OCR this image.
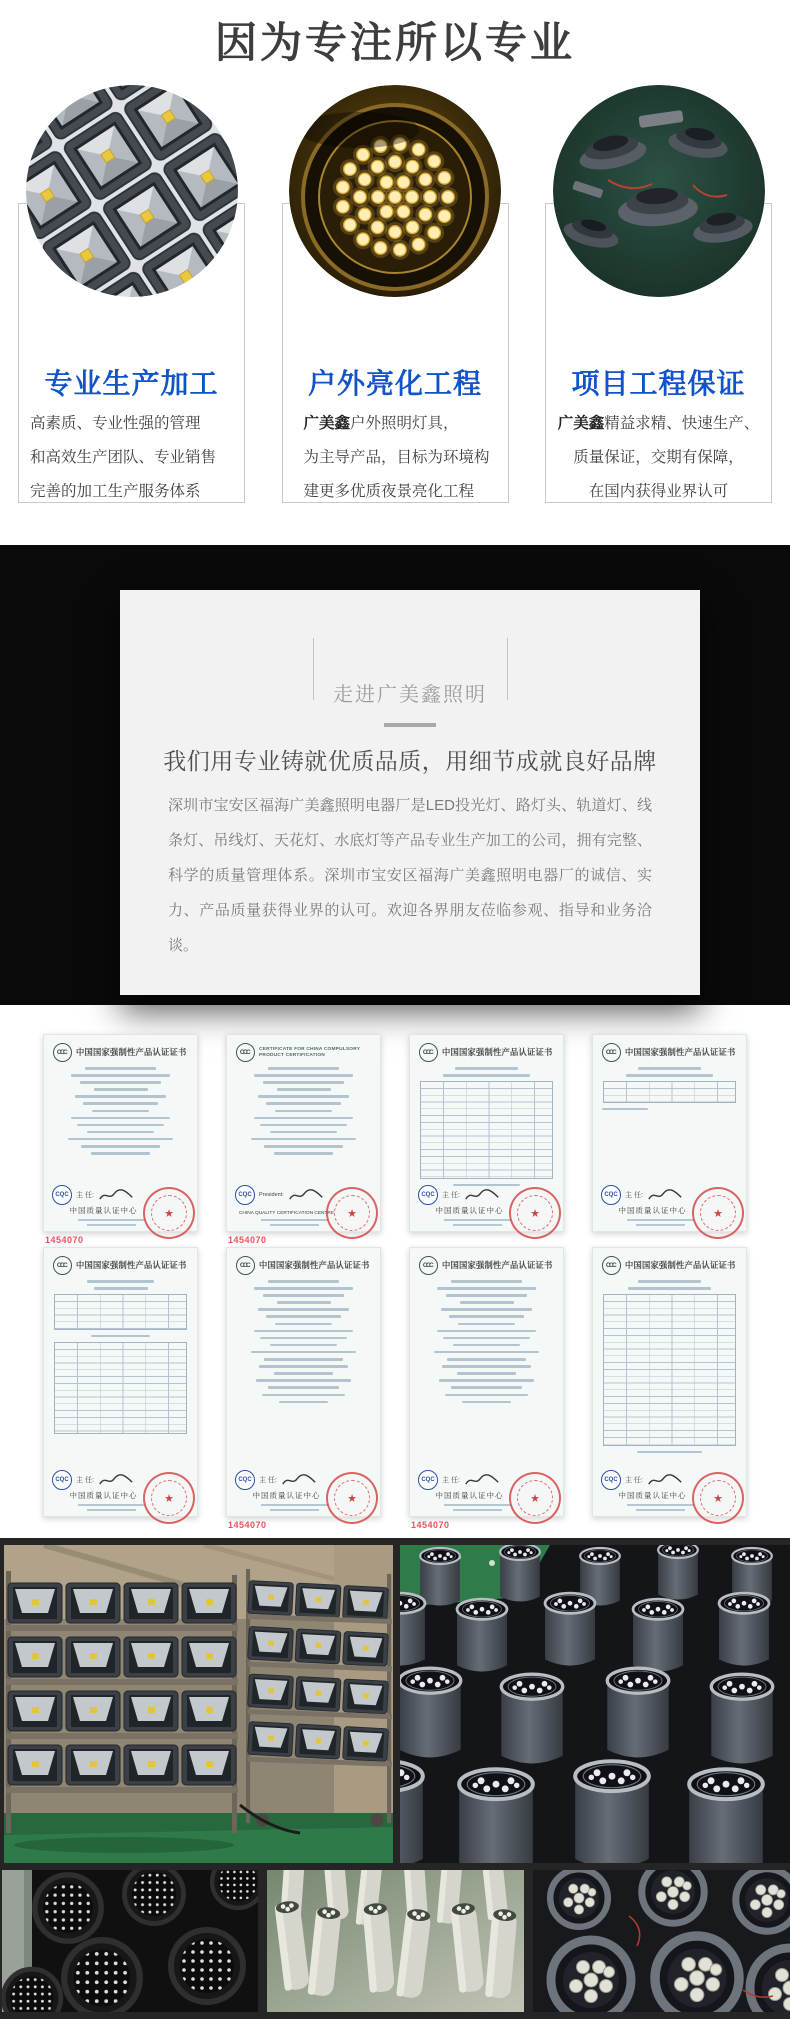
因为专注所以专业
专业生产加工

高素质、专业性强的管理

和高效生产团队、专业销售

完善的加工生产服务体系

户外亮化工程

广美鑫户外照明灯具，

为主导产品，目标为环境构

建更多优质夜景亮化工程

项目工程保证

广美鑫精益求精、快速生产、

质量保证，交期有保障，

在国内获得业界认可

走进广美鑫照明
我们用专业铸就优质品质，用细节成就良好品牌
深圳市宝安区福海广美鑫照明电器厂是LED投光灯、路灯头、轨道灯、线条灯、吊线灯、天花灯、水底灯等产品专业生产加工的公司，拥有完整、科学的质量管理体系。深圳市宝安区福海广美鑫照明电器厂的诚信、实力、产品质量获得业界的认可。欢迎各界朋友莅临参观、指导和业务洽谈。
CCC	中国国家强制性产品认证证书
CQC	主 任:
中国质量认证中心	★
1454070
CCC	CERTIFICATE FOR CHINA COMPULSORY PRODUCT CERTIFICATION
CQC	President:
CHINA QUALITY CERTIFICATION CENTRE	★
1454070
CCC	中国国家强制性产品认证证书
CQC	主 任:
中国质量认证中心	★
CCC	中国国家强制性产品认证证书
CQC	主 任:
中国质量认证中心	★
CCC	中国国家强制性产品认证证书
CQC	主 任:
中国质量认证中心	★
CCC	中国国家强制性产品认证证书
CQC	主 任:
中国质量认证中心	★
1454070
CCC	中国国家强制性产品认证证书
CQC	主 任:
中国质量认证中心	★
1454070
CCC	中国国家强制性产品认证证书
CQC	主 任:
中国质量认证中心	★
